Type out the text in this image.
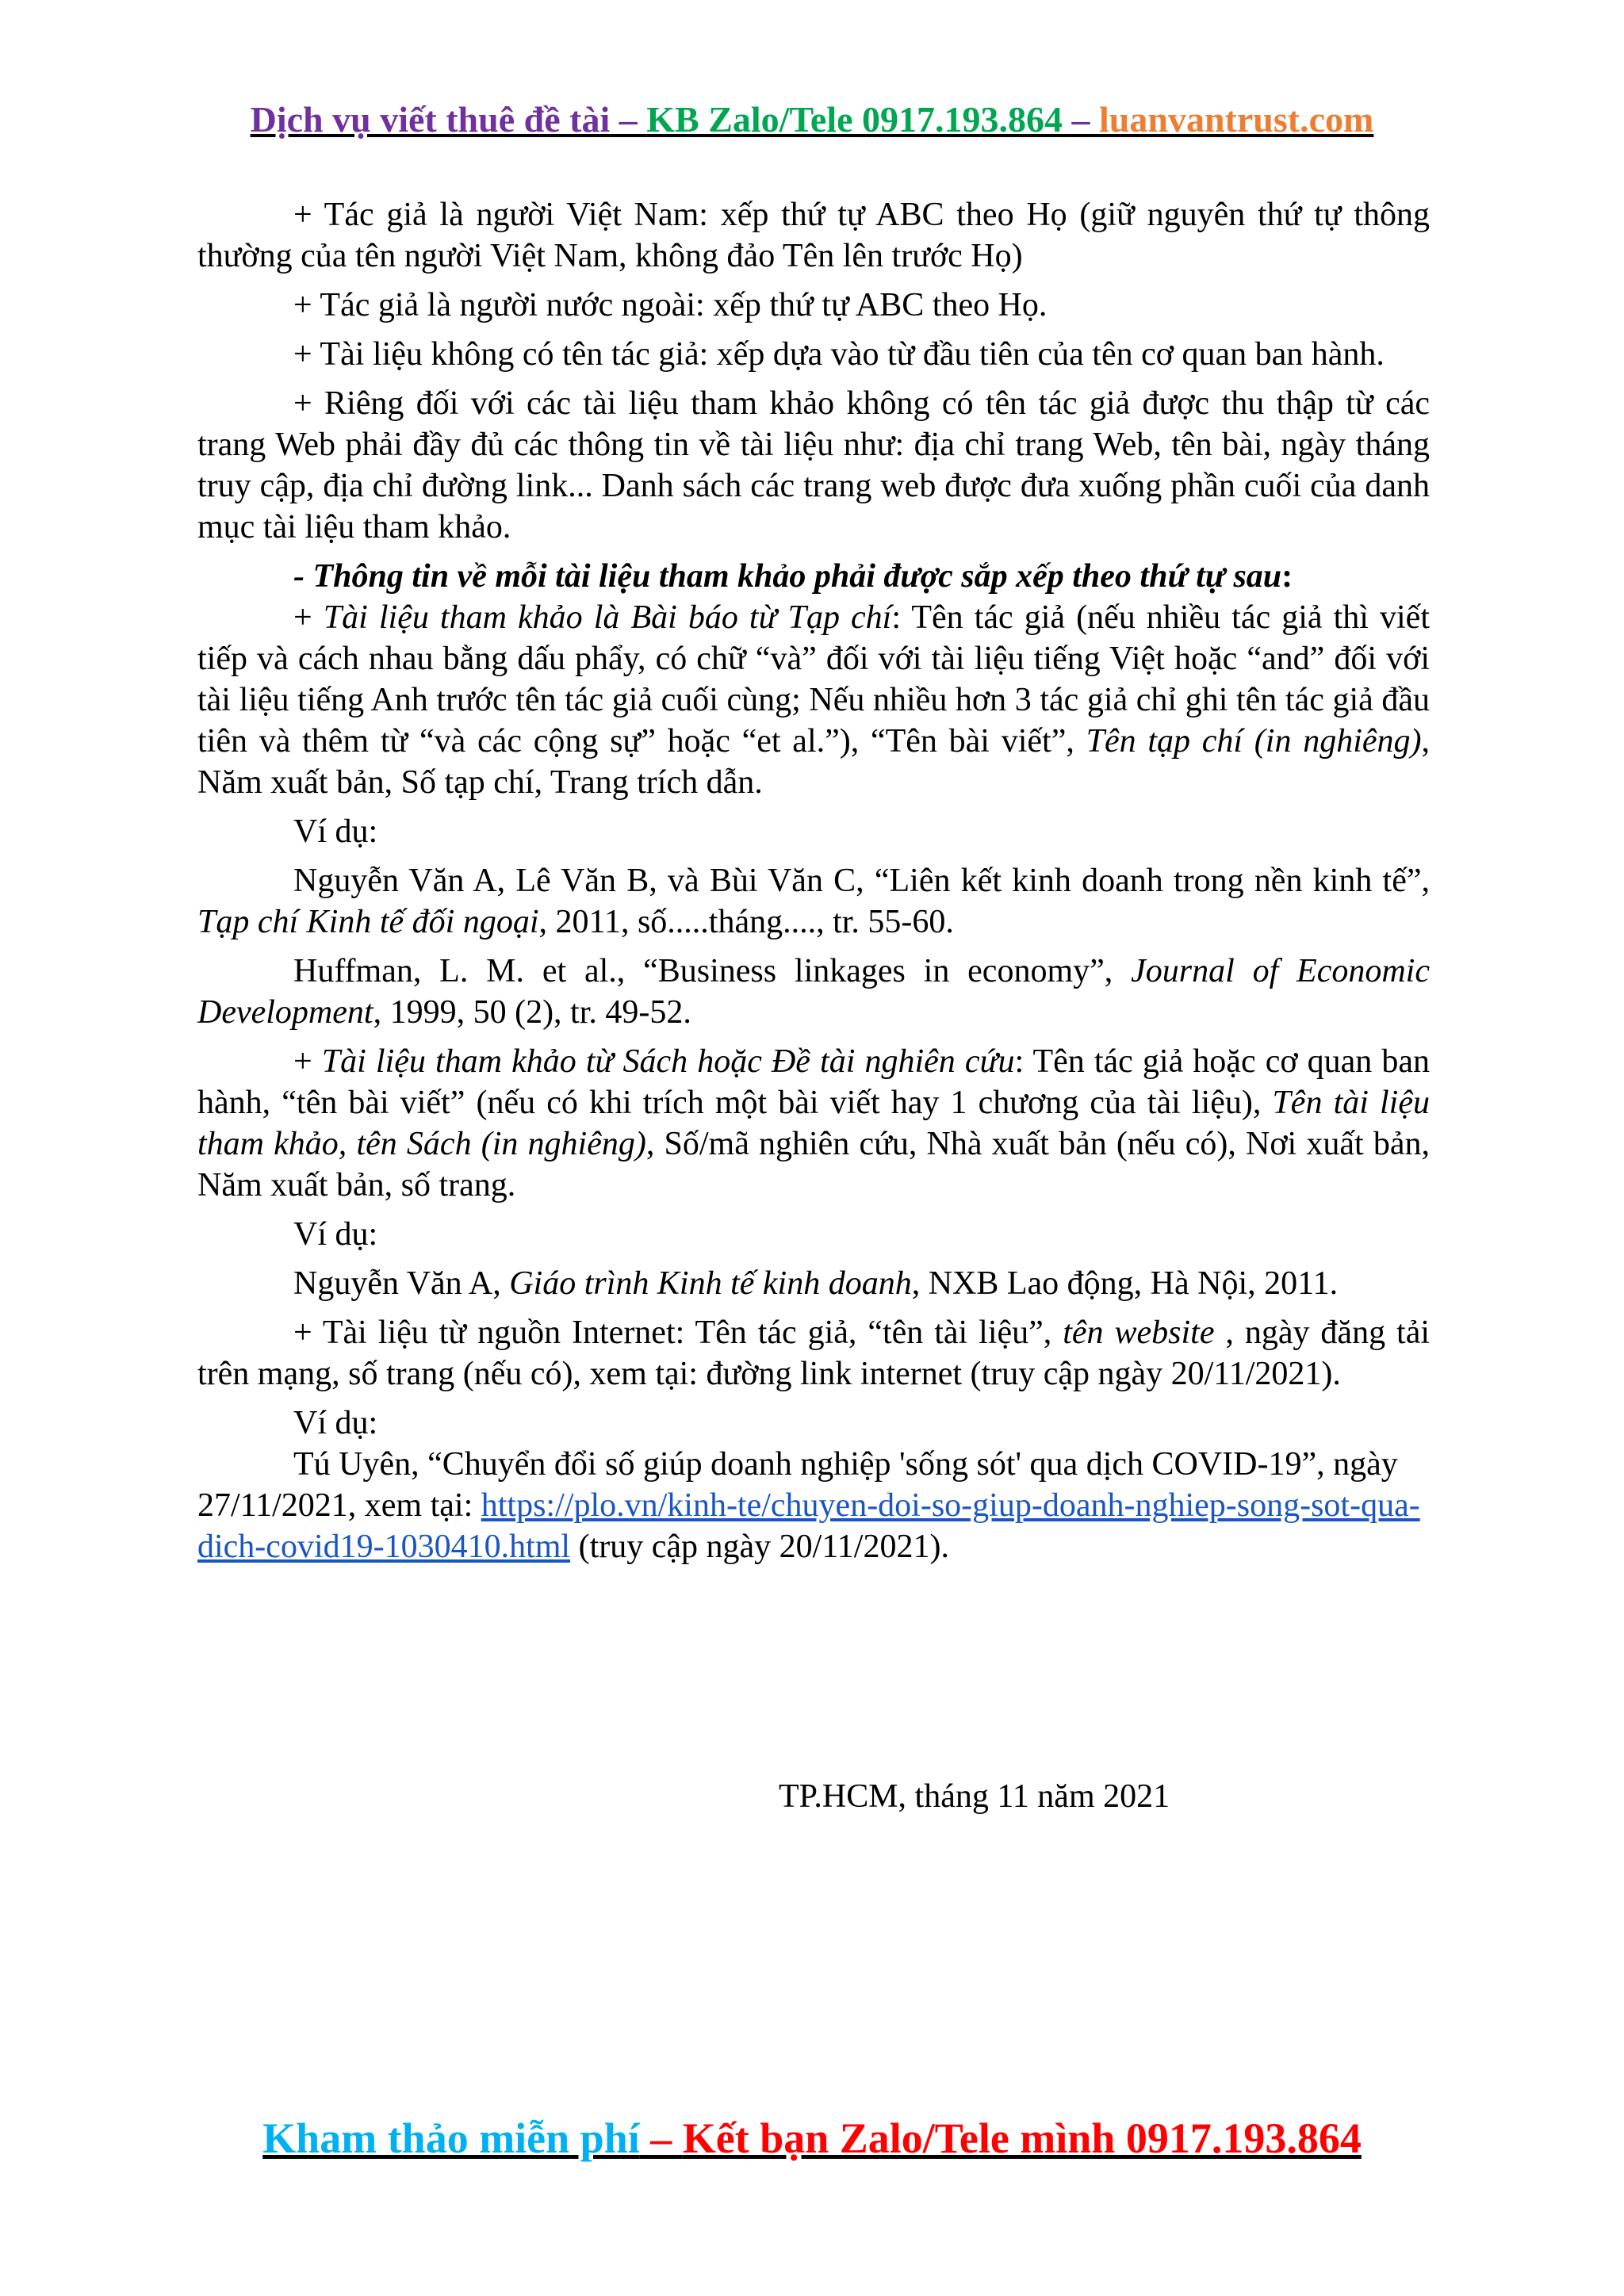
Dịch vụ viết thuê đề tài – KB Zalo/Tele 0917.193.864 – luanvantrust.com

+ Tác giả là người Việt Nam: xếp thứ tự ABC theo Họ (giữ nguyên thứ tự thông thường của tên người Việt Nam, không đảo Tên lên trước Họ)

+ Tác giả là người nước ngoài: xếp thứ tự ABC theo Họ.

+ Tài liệu không có tên tác giả: xếp dựa vào từ đầu tiên của tên cơ quan ban hành.

+ Riêng đối với các tài liệu tham khảo không có tên tác giả được thu thập từ các trang Web phải đầy đủ các thông tin về tài liệu như: địa chỉ trang Web, tên bài, ngày tháng truy cập, địa chỉ đường link... Danh sách các trang web được đưa xuống phần cuối của danh mục tài liệu tham khảo.

- Thông tin về mỗi tài liệu tham khảo phải được sắp xếp theo thứ tự sau:

+ Tài liệu tham khảo là Bài báo từ Tạp chí: Tên tác giả (nếu nhiều tác giả thì viết tiếp và cách nhau bằng dấu phẩy, có chữ “và” đối với tài liệu tiếng Việt hoặc “and” đối với tài liệu tiếng Anh trước tên tác giả cuối cùng; Nếu nhiều hơn 3 tác giả chỉ ghi tên tác giả đầu tiên và thêm từ “và các cộng sự” hoặc “et al.”), “Tên bài viết”, Tên tạp chí (in nghiêng), Năm xuất bản, Số tạp chí, Trang trích dẫn.

Ví dụ:

Nguyễn Văn A, Lê Văn B, và Bùi Văn C, “Liên kết kinh doanh trong nền kinh tế”, Tạp chí Kinh tế đối ngoại, 2011, số.....tháng...., tr. 55-60.

Huffman, L. M. et al., “Business linkages in economy”, Journal of Economic Development, 1999, 50 (2), tr. 49-52.

+ Tài liệu tham khảo từ Sách hoặc Đề tài nghiên cứu: Tên tác giả hoặc cơ quan ban hành, “tên bài viết” (nếu có khi trích một bài viết hay 1 chương của tài liệu), Tên tài liệu tham khảo, tên Sách (in nghiêng), Số/mã nghiên cứu, Nhà xuất bản (nếu có), Nơi xuất bản, Năm xuất bản, số trang.

Ví dụ:

Nguyễn Văn A, Giáo trình Kinh tế kinh doanh, NXB Lao động, Hà Nội, 2011.

+ Tài liệu từ nguồn Internet: Tên tác giả, “tên tài liệu”, tên website , ngày đăng tải trên mạng, số trang (nếu có), xem tại: đường link internet (truy cập ngày 20/11/2021).

Ví dụ:

Tú Uyên, “Chuyển đổi số giúp doanh nghiệp 'sống sót' qua dịch COVID-19”, ngày 27/11/2021, xem tại: https://plo.vn/kinh-te/chuyen-doi-so-giup-doanh-nghiep-song-sot-qua-dich-covid19-1030410.html (truy cập ngày 20/11/2021).

TP.HCM, tháng 11 năm 2021
Kham thảo miễn phí – Kết bạn Zalo/Tele mình 0917.193.864
